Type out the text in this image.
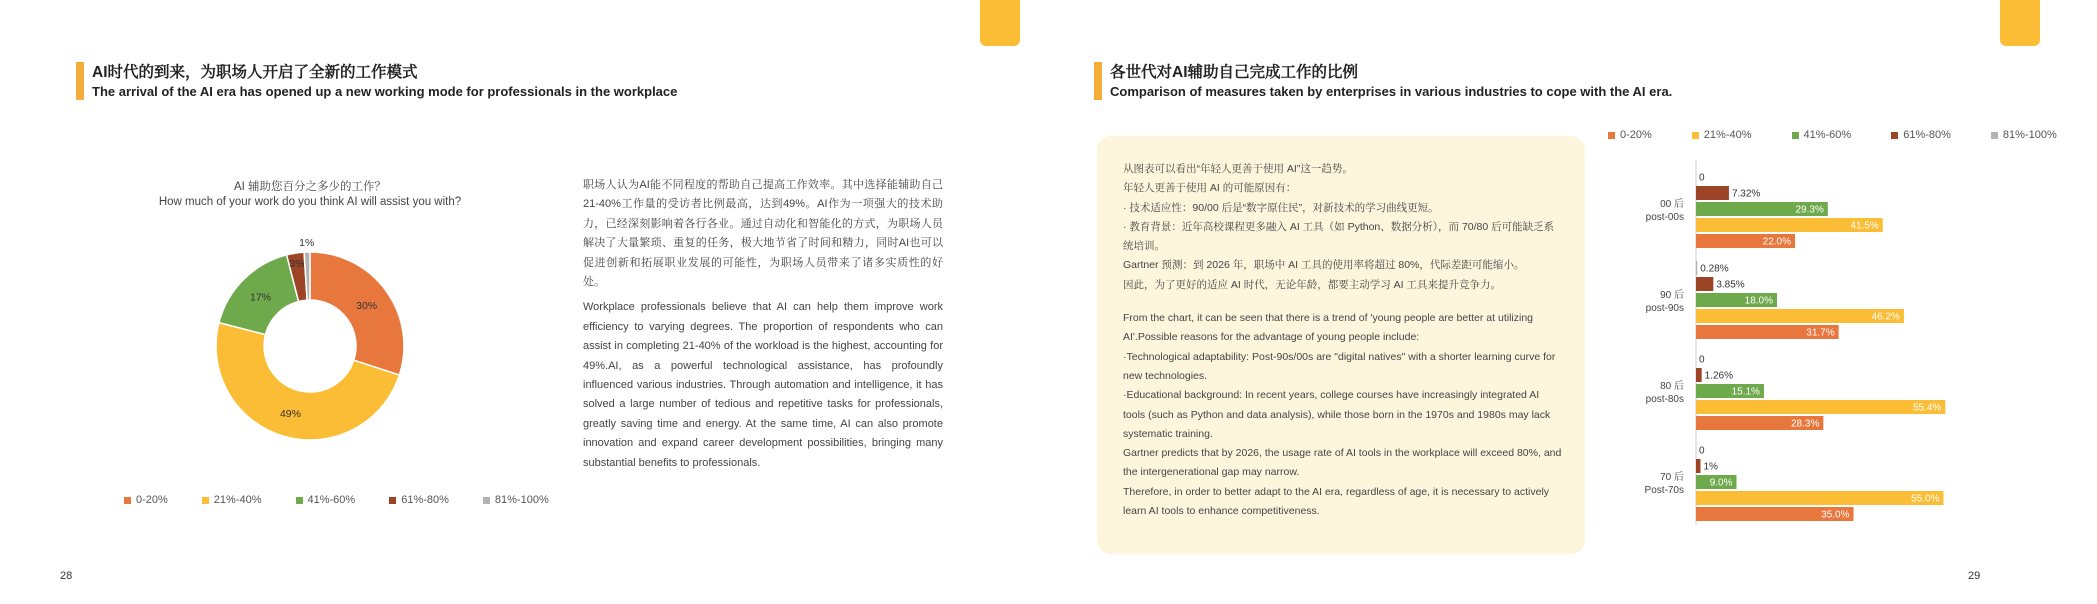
AI时代的到来，为职场人开启了全新的工作模式
The arrival of the AI era has opened up a new working mode for professionals in the workplace
AI 辅助您百分之多少的工作？
How much of your work do you think AI will assist you with?
30%
49%
17%
3%
1%
0-20%	21%-40%	41%-60%	61%-80%	81%-100%

职场人认为AI能不同程度的帮助自己提高工作效率。其中选择能辅助自己21-40%工作量的受访者比例最高，达到49%。AI作为一项强大的技术助力，已经深刻影响着各行各业。通过自动化和智能化的方式，为职场人员解决了大量繁琐、重复的任务，极大地节省了时间和精力，同时AI也可以促进创新和拓展职业发展的可能性，为职场人员带来了诸多实质性的好处。

Workplace professionals believe that AI can help them improve work efficiency to varying degrees. The proportion of respondents who can assist in completing 21-40% of the workload is the highest, accounting for 49%.AI, as a powerful technological assistance, has profoundly influenced various industries. Through automation and intelligence, it has solved a large number of tedious and repetitive tasks for professionals, greatly saving time and energy. At the same time, AI can also promote innovation and expand career development possibilities, bringing many substantial benefits to professionals.

28
各世代对AI辅助自己完成工作的比例
Comparison of measures taken by enterprises in various industries to cope with the AI era.
从图表可以看出“年轻人更善于使用 AI”这一趋势。
年轻人更善于使用 AI 的可能原因有：
· 技术适应性：90/00 后是“数字原住民”，对新技术的学习曲线更短。
· 教育背景：近年高校课程更多融入 AI 工具（如 Python、数据分析），而 70/80 后可能缺乏系统培训。
Gartner 预测：到 2026 年，职场中 AI 工具的使用率将超过 80%，代际差距可能缩小。
因此，为了更好的适应 AI 时代，无论年龄，都要主动学习 AI 工具来提升竞争力。
From the chart, it can be seen that there is a trend of 'young people are better at utilizing AI'.Possible reasons for the advantage of young people include:
·Technological adaptability: Post-90s/00s are "digital natives" with a shorter learning curve for new technologies.
·Educational background: In recent years, college courses have increasingly integrated AI tools (such as Python and data analysis), while those born in the 1970s and 1980s may lack systematic training.
Gartner predicts that by 2026, the usage rate of AI tools in the workplace will exceed 80%, and the intergenerational gap may narrow.
Therefore, in order to better adapt to the AI era, regardless of age, it is necessary to actively learn AI tools to enhance competitiveness.
0-20%	21%-40%	41%-60%	61%-80%	81%-100%
00 后
post-00s
0
7.32%
29.3%
41.5%
22.0%
90 后
post-90s
0.28%
3.85%
18.0%
46.2%
31.7%
80 后
post-80s
0
1.26%
15.1%
55.4%
28.3%
70 后
Post-70s
0
1%
9.0%
55.0%
35.0%
29
